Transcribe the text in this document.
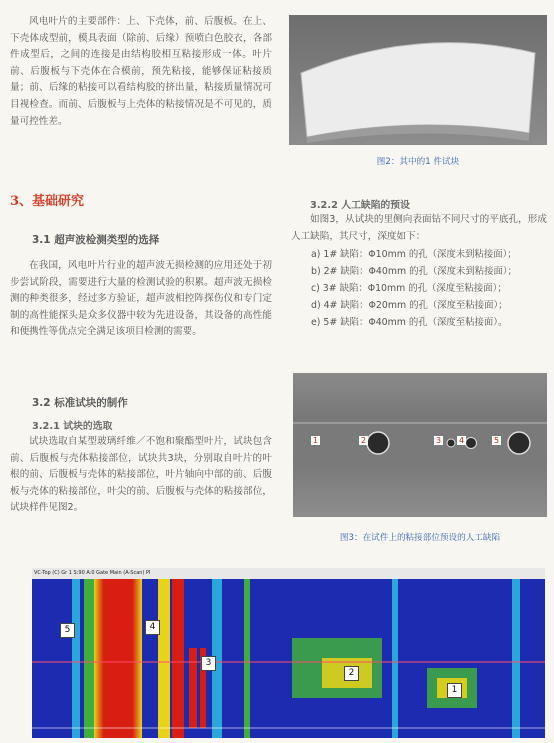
风电叶片的主要部件：上、下壳体，前、后腹板。在上、下壳体成型前，模具表面（除前、后缘）预喷白色胶衣，各部件成型后，之间的连接是由结构胶相互粘接形成一体。叶片前、后腹板与下壳体在合模前，预先粘接，能够保证粘接质量；前、后缘的粘接可以看结构胶的挤出量，粘接质量情况可目视检查。而前、后腹板与上壳体的粘接情况是不可见的，质量可控性差。

3、基础研究
3.1 超声波检测类型的选择

在我国，风电叶片行业的超声波无损检测的应用还处于初步尝试阶段，需要进行大量的检测试验的积累。超声波无损检测的种类很多，经过多方验证，超声波相控阵探伤仪和专门定制的高性能探头是众多仪器中较为先进设备，其设备的高性能和便携性等优点完全满足该项目检测的需要。

3.2 标准试块的制作
3.2.1 试块的选取

试块选取自某型玻璃纤维／不饱和聚酯型叶片，试块包含前、后腹板与壳体粘接部位，试块共3块，分别取自叶片的叶根的前、后腹板与壳体的粘接部位，叶片轴向中部的前、后腹板与壳体的粘接部位，叶尖的前、后腹板与壳体的粘接部位，试块样件见图2。

图2：其中的1 件试块
3.2.2 人工缺陷的预设

如图3，从试块的里侧向表面钻不同尺寸的平底孔，形成人工缺陷，其尺寸，深度如下：

a) 1# 缺陷：Φ10mm 的孔（深度未到粘接面）；
b) 2# 缺陷：Φ40mm 的孔（深度未到粘接面）；
c) 3# 缺陷：Φ10mm 的孔（深度至粘接面）；
d) 4# 缺陷：Φ20mm 的孔（深度至粘接面）；
e) 5# 缺陷：Φ40mm 的孔（深度至粘接面）。
1	2	3 4	5
图3：在试件上的粘接部位预设的人工缺陷
VC-Top (C) Gr 1 S:90 A:0 Gate Main (A-Scan) PI
5	4
3
2
1
